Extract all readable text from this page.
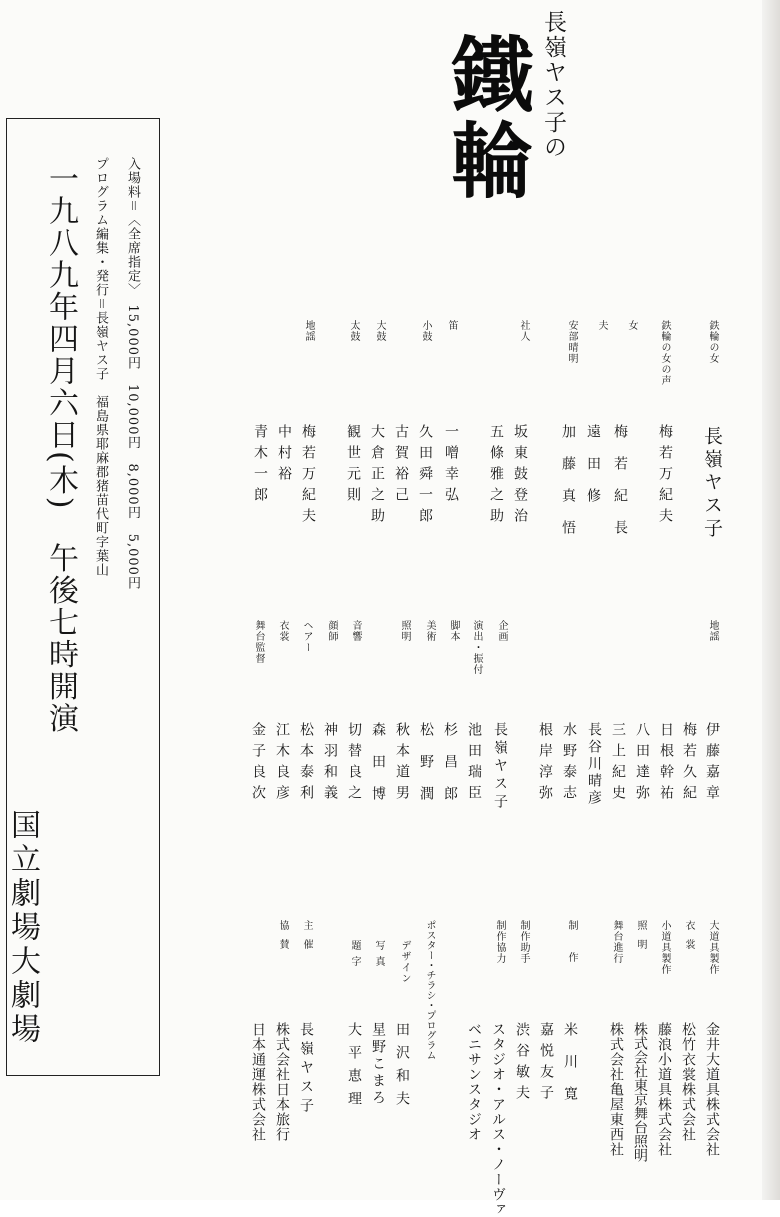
長嶺ヤス子の
鐵輪
鉄輪の女
長嶺ヤス子
鉄輪の女の声
梅若万紀夫
女
梅若紀長
夫
遠田修
安部晴明
加藤真悟
社人
坂東鼓登治
五條雅之助
笛
一噌幸弘
小鼓
久田舜一郎
古賀裕己
大鼓
大倉正之助
太鼓
観世元則
地謡
梅若万紀夫
中村裕
青木一郎
地謡
伊藤嘉章
梅若久紀
日根幹祐
八田達弥
三上紀史
長谷川晴彦
水野泰志
根岸淳弥
企画
長嶺ヤス子
演出・振付
池田瑞臣
脚本
杉昌郎
美術
松野潤
照明
秋本道男
森田博
音響
切替良之
顔師
神羽和義
ヘアー
松本泰利
衣裳
江木良彦
舞台監督
金子良次
大道具製作
金井大道具株式会社
衣裳
松竹衣裳株式会社
小道具製作
藤浪小道具株式会社
照明
株式会社東京舞台照明
舞台進行
株式会社亀屋東西社
制作
米川寛
嘉悦友子
制作助手
渋谷敏夫
制作協力
スタジオ・アルス・ノーヴァ
ベニサンスタジオ
ポスター・チラシ・プログラム
デザイン
田沢和夫
写真
星野こまろ
題字
大平恵理
主催
長嶺ヤス子
株式会社日本旅行
協賛
日本通運株式会社
入場料＝〈全席指定〉　15,000円　10,000円　8,000円　5,000円
プログラム編集・発行＝長嶺ヤス子　福島県耶麻郡猪苗代町字葉山
一九八九年四月六日(木)　午後七時開演
国立劇場大劇場
